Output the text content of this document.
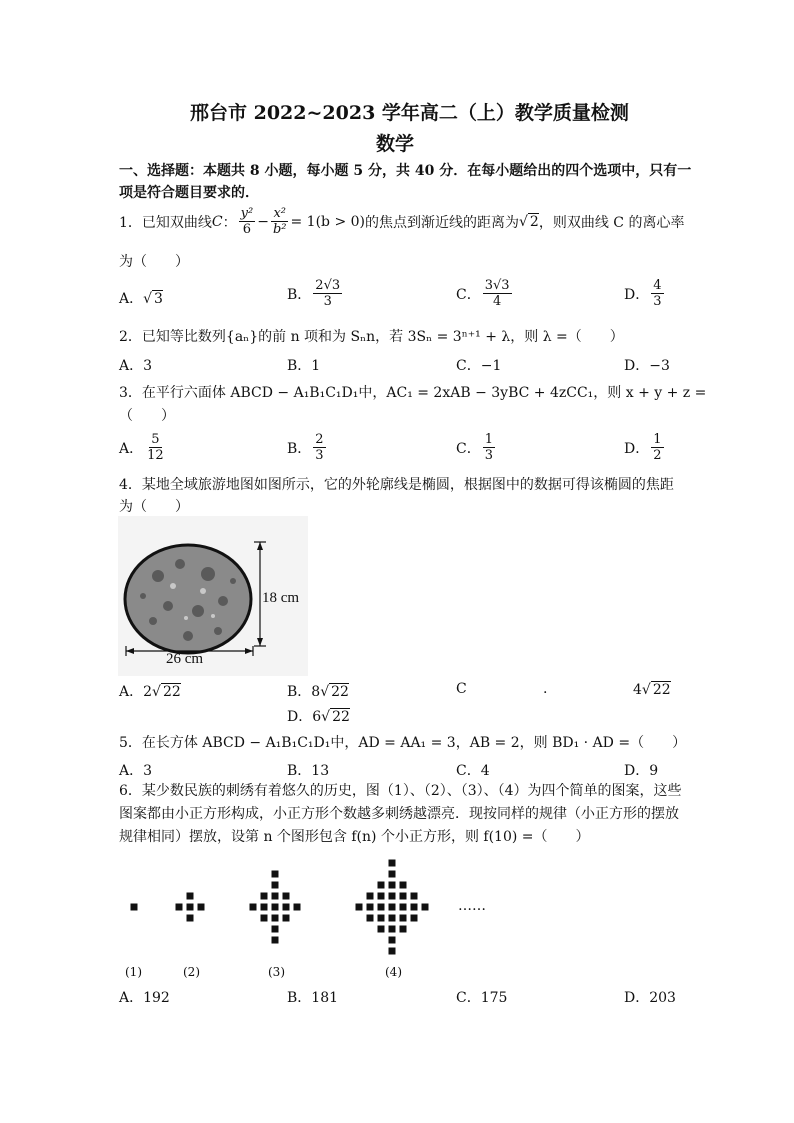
邢台市 2022~2023 学年高二（上）教学质量检测
数学
一、选择题：本题共 8 小题，每小题 5 分，共 40 分．在每小题给出的四个选项中，只有一
项是符合题目要求的．
1．已知双曲线 C ： $\frac{\text{y²}}{6} - \frac{\text{x²}}{\text{b²}} = 1(b > 0)$ 的焦点到渐近线的距离为 √ 2 ，则双曲线 C 的离心率
为（　　）
A．√ 3	B． $\frac{2√3}{3}$	C． $\frac{3√3}{4}$	D． $\frac{4}{3}$
2．已知等比数列{aₙ}的前 n 项和为 Sₙn，若 3Sₙ = 3ⁿ⁺¹ + λ，则 λ =（　　）
A．3	B．1	C．−1	D．−3
3．在平行六面体 ABCD − A₁B₁C₁D₁中，AC₁ = 2xAB − 3yBC + 4zCC₁，则 x + y + z =
（　　）
A． $\frac{5}{12}$	B． $\frac{2}{3}$	C． $\frac{1}{3}$	D． $\frac{1}{2}$
4．某地全域旅游地图如图所示，它的外轮廓线是椭圆，根据图中的数据可得该椭圆的焦距
为（　　）
18 cm
26 cm
A．2√ 22	B．8√ 22	C	.	4√ 22
D．6√ 22
5．在长方体 ABCD − A₁B₁C₁D₁中，AD = AA₁ = 3，AB = 2，则 BD₁ · AD =（　　）
A．3	B．13	C．4	D．9
6．某少数民族的刺绣有着悠久的历史，图（1）、（2）、（3）、（4）为四个简单的图案，这些
图案都由小正方形构成，小正方形个数越多刺绣越漂亮．现按同样的规律（小正方形的摆放
规律相同）摆放，设第 n 个图形包含 f(n) 个小正方形，则 f(10) =（　　）
(1)	(2)	(3)	(4)
……
A．192	B．181	C．175	D．203
